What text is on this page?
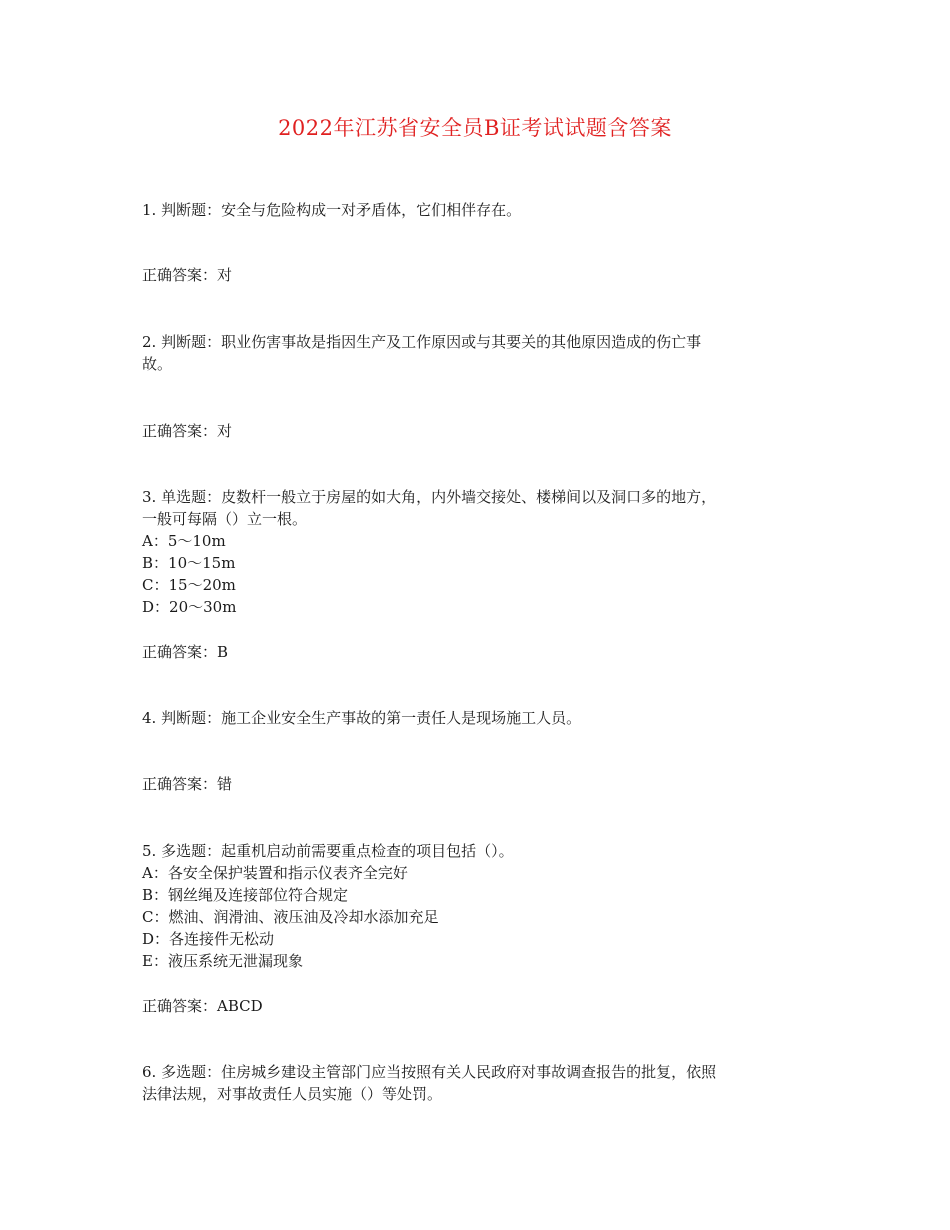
2022年江苏省安全员B证考试试题含答案
1. 判断题：安全与危险构成一对矛盾体，它们相伴存在。
正确答案：对
2. 判断题：职业伤害事故是指因生产及工作原因或与其要关的其他原因造成的伤亡事
故。
正确答案：对
3. 单选题：皮数杆一般立于房屋的如大角，内外墙交接处、楼梯间以及洞口多的地方，
一般可每隔（）立一根。
A：5～10m
B：10～15m
C：15～20m
D：20～30m
正确答案：B
4. 判断题：施工企业安全生产事故的第一责任人是现场施工人员。
正确答案：错
5. 多选题：起重机启动前需要重点检查的项目包括（）。
A：各安全保护装置和指示仪表齐全完好
B：钢丝绳及连接部位符合规定
C：燃油、润滑油、液压油及冷却水添加充足
D：各连接件无松动
E：液压系统无泄漏现象
正确答案：ABCD
6. 多选题：住房城乡建设主管部门应当按照有关人民政府对事故调查报告的批复，依照
法律法规，对事故责任人员实施（）等处罚。
